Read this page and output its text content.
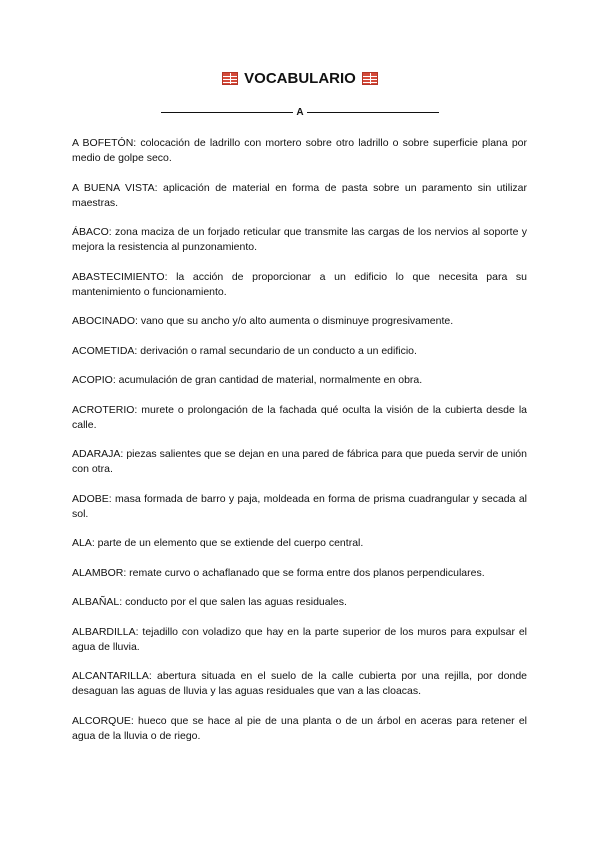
VOCABULARIO
A

A BOFETÓN: colocación de ladrillo con mortero sobre otro ladrillo o sobre superficie plana por medio de golpe seco.

A BUENA VISTA: aplicación de material en forma de pasta sobre un paramento sin utilizar maestras.

ÁBACO: zona maciza de un forjado reticular que transmite las cargas de los nervios al soporte y mejora la resistencia al punzonamiento.

ABASTECIMIENTO: la acción de proporcionar a un edificio lo que necesita para su mantenimiento o funcionamiento.

ABOCINADO: vano que su ancho y/o alto aumenta o disminuye progresivamente.

ACOMETIDA: derivación o ramal secundario de un conducto a un edificio.

ACOPIO: acumulación de gran cantidad de material, normalmente en obra.

ACROTERIO: murete o prolongación de la fachada qué oculta la visión de la cubierta desde la calle.

ADARAJA: piezas salientes que se dejan en una pared de fábrica para que pueda servir de unión con otra.

ADOBE: masa formada de barro y paja, moldeada en forma de prisma cuadrangular y secada al sol.

ALA: parte de un elemento que se extiende del cuerpo central.

ALAMBOR: remate curvo o achaflanado que se forma entre dos planos perpendiculares.

ALBAÑAL: conducto por el que salen las aguas residuales.

ALBARDILLA: tejadillo con voladizo que hay en la parte superior de los muros para expulsar el agua de lluvia.

ALCANTARILLA: abertura situada en el suelo de la calle cubierta por una rejilla, por donde desaguan las aguas de lluvia y las aguas residuales que van a las cloacas.

ALCORQUE: hueco que se hace al pie de una planta o de un árbol en aceras para retener el agua de la lluvia o de riego.
